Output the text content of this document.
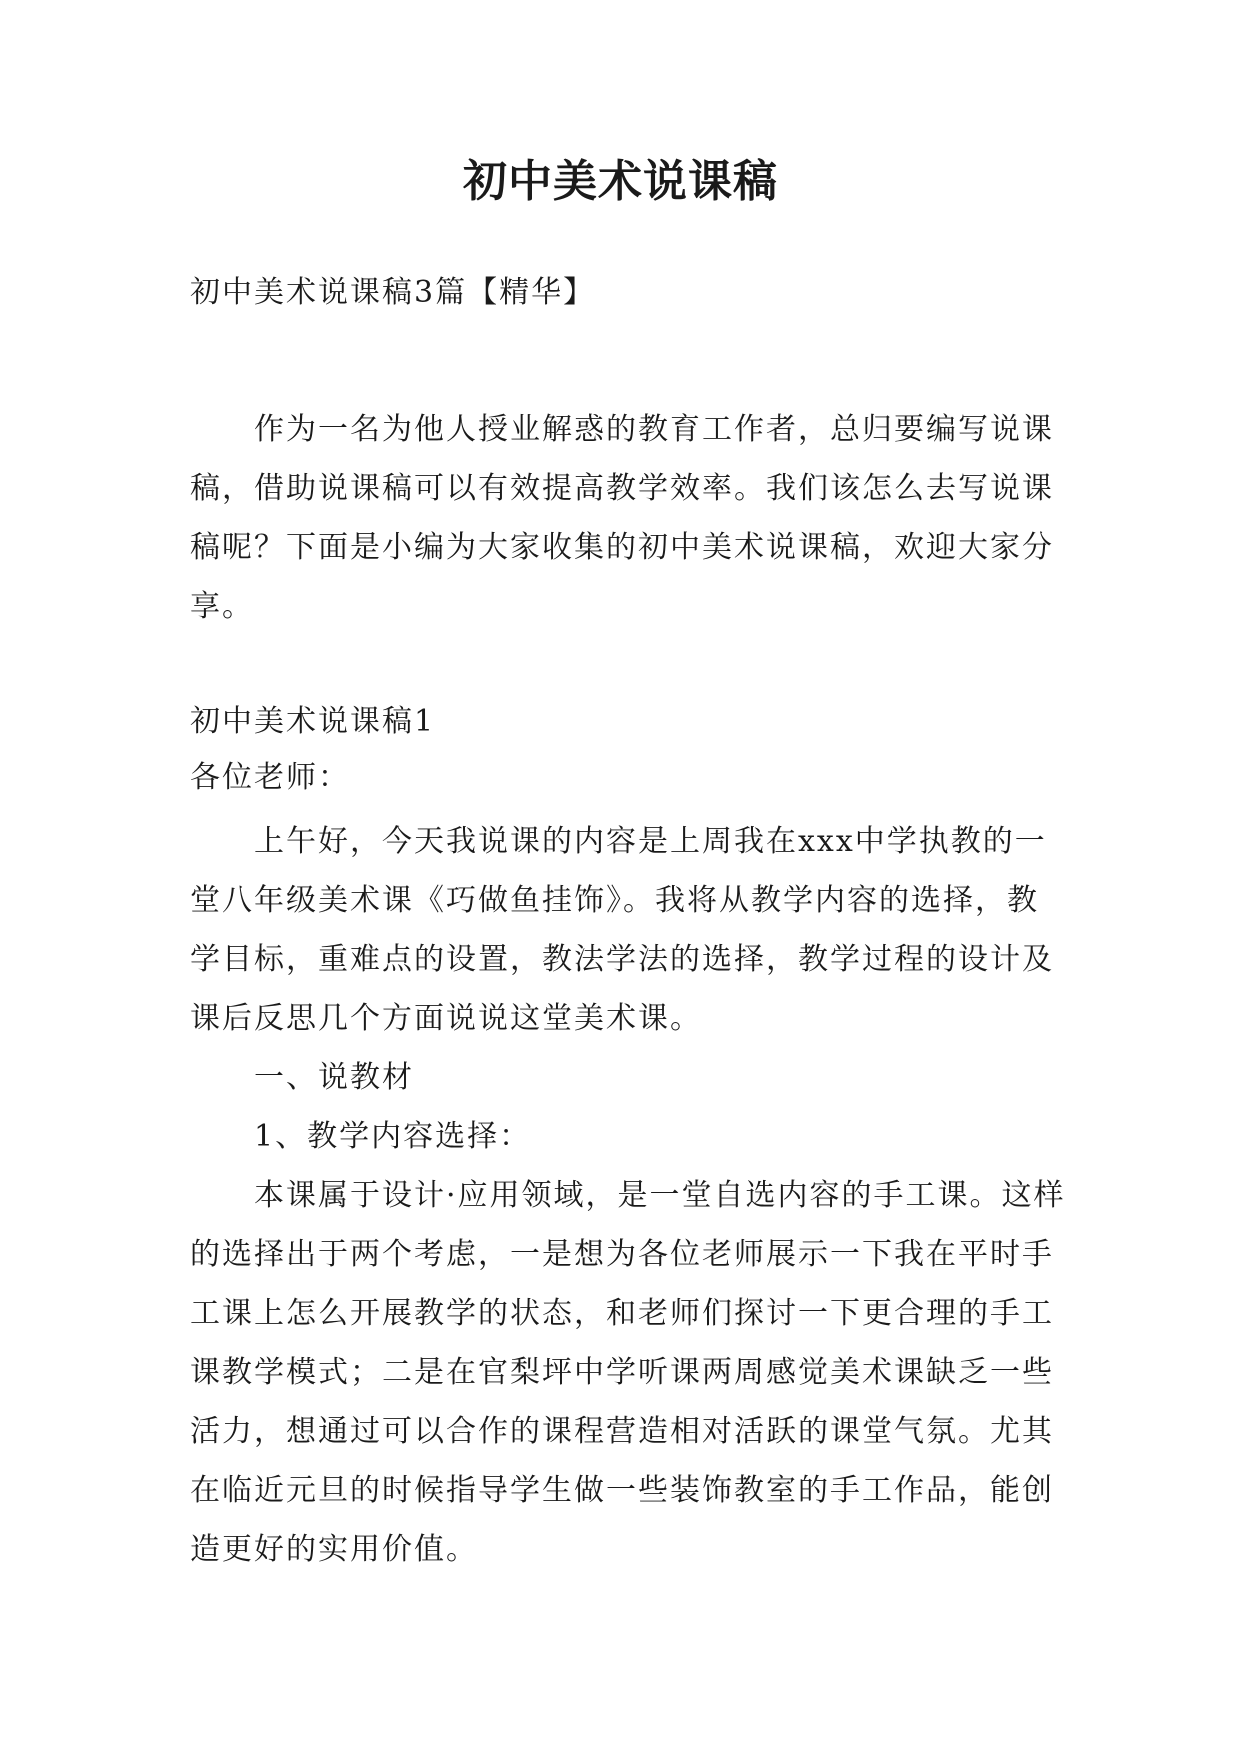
初中美术说课稿

初中美术说课稿3篇【精华】

作为一名为他人授业解惑的教育工作者，总归要编写说课稿，借助说课稿可以有效提高教学效率。我们该怎么去写说课稿呢？下面是小编为大家收集的初中美术说课稿，欢迎大家分享。

初中美术说课稿1

各位老师：

上午好，今天我说课的内容是上周我在xxx中学执教的一堂八年级美术课《巧做鱼挂饰》。我将从教学内容的选择，教学目标，重难点的设置，教法学法的选择，教学过程的设计及课后反思几个方面说说这堂美术课。

一、说教材

1、教学内容选择：

本课属于设计·应用领域，是一堂自选内容的手工课。这样的选择出于两个考虑，一是想为各位老师展示一下我在平时手工课上怎么开展教学的状态，和老师们探讨一下更合理的手工课教学模式；二是在官梨坪中学听课两周感觉美术课缺乏一些活力，想通过可以合作的课程营造相对活跃的课堂气氛。尤其在临近元旦的时候指导学生做一些装饰教室的手工作品，能创造更好的实用价值。
